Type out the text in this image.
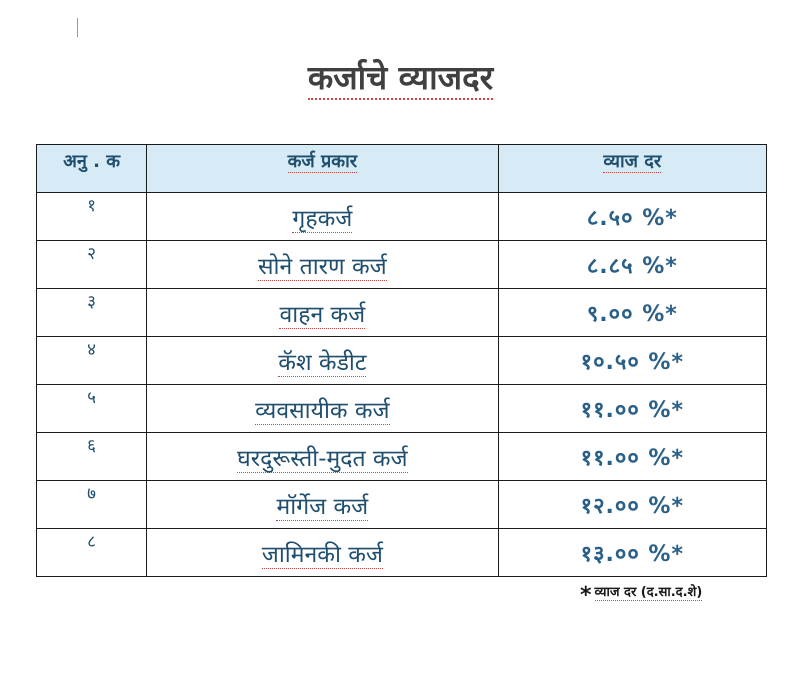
कर्जाचे व्याजदर
अनु . क	कर्ज प्रकार	व्याज दर
१	गृहकर्ज	८.५० %*
२	सोने तारण कर्ज	८.८५ %*
३	वाहन कर्ज	९.०० %*
४	कॅश केडीट	१०.५० %*
५	व्यवसायीक कर्ज	११.०० %*
६	घरदुरूस्ती-मुदत कर्ज	११.०० %*
७	मॉर्गेज कर्ज	१२.०० %*
८	जामिनकी कर्ज	१३.०० %*
* व्याज दर (द.सा.द.शे)
